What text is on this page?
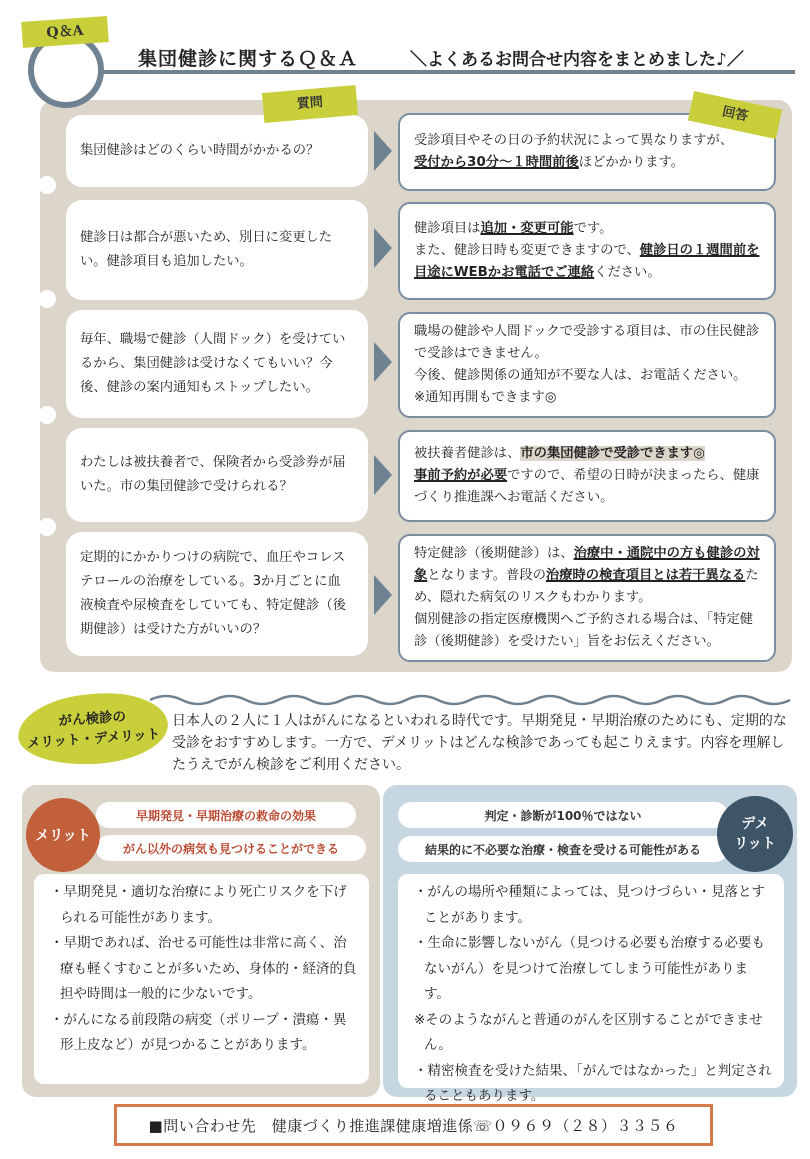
Q＆A
集団健診に関するＱ＆Ａ	＼よくあるお問合せ内容をまとめました♪／
質問
回答
集団健診はどのくらい時間がかかるの？
受診項目やその日の予約状況によって異なりますが、
受付から30分〜１時間前後ほどかかります。
健診日は都合が悪いため、別日に変更したい。健診項目も追加したい。
健診項目は追加・変更可能です。
また、健診日時も変更できますので、健診日の１週間前を目途にWEBかお電話でご連絡ください。
毎年、職場で健診（人間ドック）を受けているから、集団健診は受けなくてもいい？今後、健診の案内通知もストップしたい。
職場の健診や人間ドックで受診する項目は、市の住民健診で受診はできません。
今後、健診関係の通知が不要な人は、お電話ください。
※通知再開もできます◎
わたしは被扶養者で、保険者から受診券が届いた。市の集団健診で受けられる？
被扶養者健診は、市の集団健診で受診できます◎
事前予約が必要ですので、希望の日時が決まったら、健康づくり推進課へお電話ください。
定期的にかかりつけの病院で、血圧やコレステロールの治療をしている。3か月ごとに血液検査や尿検査をしていても、特定健診（後期健診）は受けた方がいいの？
特定健診（後期健診）は、治療中・通院中の方も健診の対象となります。普段の治療時の検査項目とは若干異なるため、隠れた病気のリスクもわかります。
個別健診の指定医療機関へご予約される場合は、「特定健診（後期健診）を受けたい」旨をお伝えください。
がん検診の
メリット・デメリット
日本人の２人に１人はがんになるといわれる時代です。早期発見・早期治療のためにも、定期的な受診をおすすめします。一方で、デメリットはどんな検診であっても起こりえます。内容を理解したうえでがん検診をご利用ください。
メリット
早期発見・早期治療の救命の効果
がん以外の病気も見つけることができる
・早期発見・適切な治療により死亡リスクを下げられる可能性があります。
・早期であれば、治せる可能性は非常に高く、治療も軽くすむことが多いため、身体的・経済的負担や時間は一般的に少ないです。
・がんになる前段階の病変（ポリープ・潰瘍・異形上皮など）が見つかることがあります。
判定・診断が100％ではない
結果的に不必要な治療・検査を受ける可能性がある
デメ
リット
・がんの場所や種類によっては、見つけづらい・見落とすことがあります。
・生命に影響しないがん（見つける必要も治療する必要もないがん）を見つけて治療してしまう可能性があります。
※そのようながんと普通のがんを区別することができません。
・精密検査を受けた結果、「がんではなかった」と判定されることもあります。
■問い合わせ先　健康づくり推進課健康増進係☏０９６９（２８）３３５６
